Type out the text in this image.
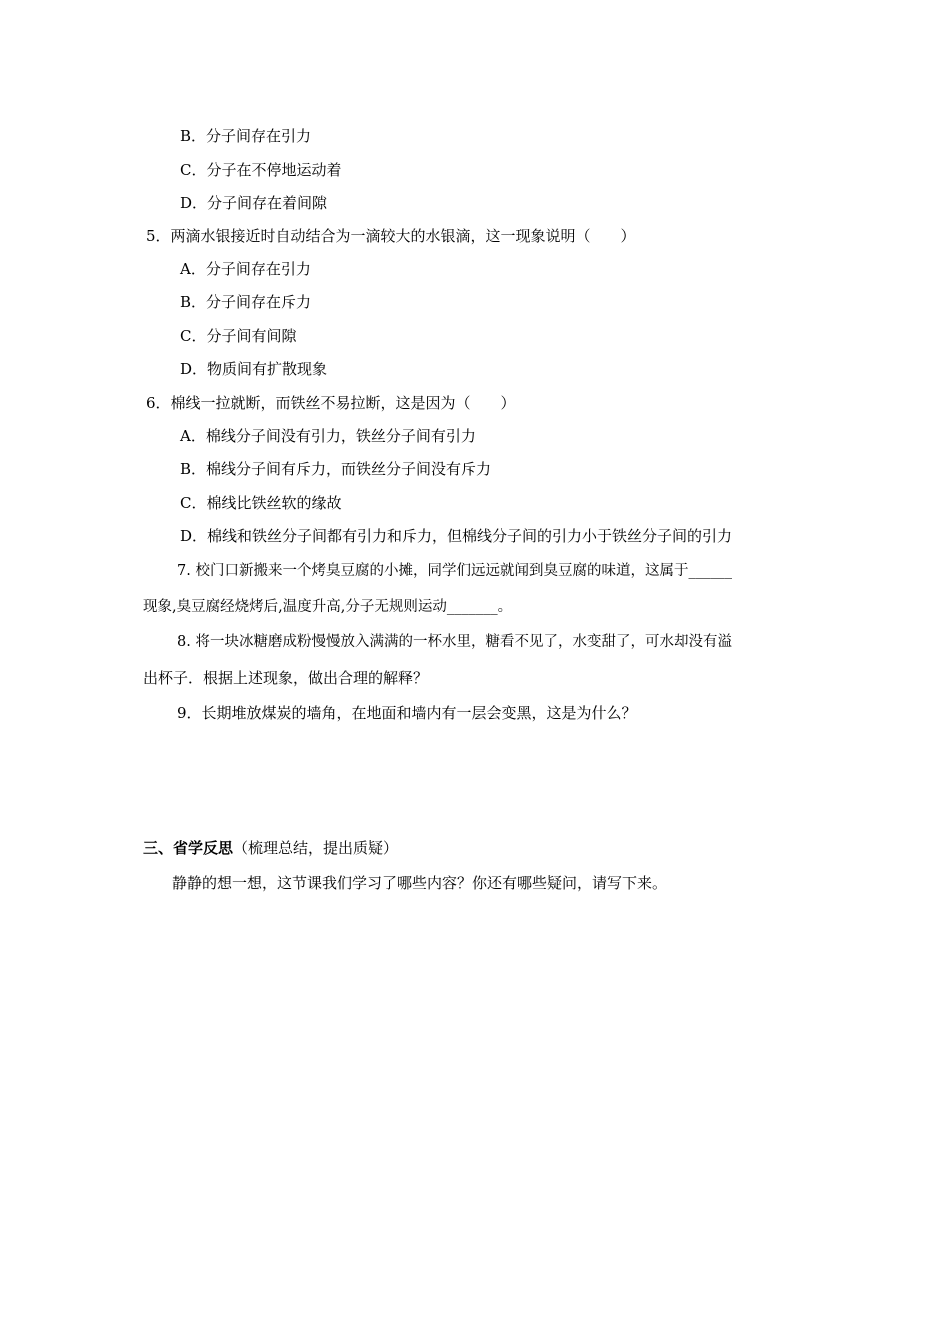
B．分子间存在引力
C．分子在不停地运动着
D．分子间存在着间隙
5．两滴水银接近时自动结合为一滴较大的水银滴，这一现象说明（　　）
A．分子间存在引力
B．分子间存在斥力
C．分子间有间隙
D．物质间有扩散现象
6．棉线一拉就断，而铁丝不易拉断，这是因为（　　）
A．棉线分子间没有引力，铁丝分子间有引力
B．棉线分子间有斥力，而铁丝分子间没有斥力
C．棉线比铁丝软的缘故
D．棉线和铁丝分子间都有引力和斥力，但棉线分子间的引力小于铁丝分子间的引力
7. 校门口新搬来一个烤臭豆腐的小摊，同学们远远就闻到臭豆腐的味道，这属于______
现象,臭豆腐经烧烤后,温度升高,分子无规则运动_______。
8. 将一块冰糖磨成粉慢慢放入满满的一杯水里，糖看不见了，水变甜了，可水却没有溢
出杯子．根据上述现象，做出合理的解释？
9．长期堆放煤炭的墙角，在地面和墙内有一层会变黑，这是为什么？
三、省学反思（梳理总结，提出质疑）
静静的想一想，这节课我们学习了哪些内容？你还有哪些疑问，请写下来。
